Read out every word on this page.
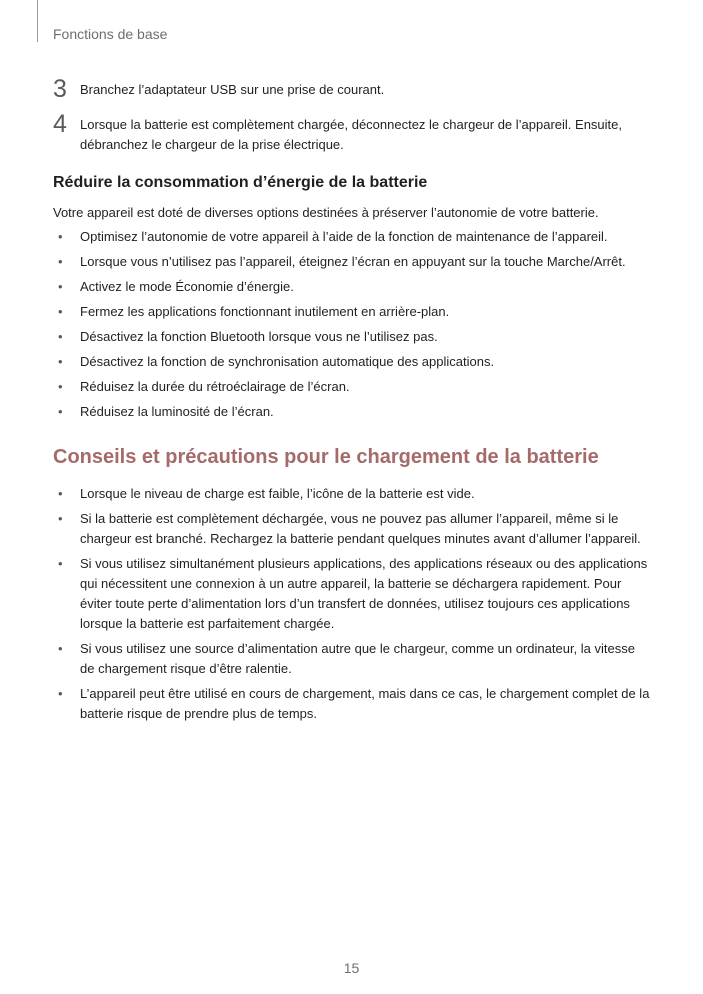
Fonctions de base
3 Branchez l’adaptateur USB sur une prise de courant.
4 Lorsque la batterie est complètement chargée, déconnectez le chargeur de l’appareil. Ensuite, débranchez le chargeur de la prise électrique.
Réduire la consommation d’énergie de la batterie

Votre appareil est doté de diverses options destinées à préserver l’autonomie de votre batterie.

• Optimisez l’autonomie de votre appareil à l’aide de la fonction de maintenance de l’appareil.
• Lorsque vous n’utilisez pas l’appareil, éteignez l’écran en appuyant sur la touche Marche/Arrêt.
• Activez le mode Économie d’énergie.
• Fermez les applications fonctionnant inutilement en arrière-plan.
• Désactivez la fonction Bluetooth lorsque vous ne l’utilisez pas.
• Désactivez la fonction de synchronisation automatique des applications.
• Réduisez la durée du rétroéclairage de l’écran.
• Réduisez la luminosité de l’écran.
Conseils et précautions pour le chargement de la batterie
• Lorsque le niveau de charge est faible, l’icône de la batterie est vide.
• Si la batterie est complètement déchargée, vous ne pouvez pas allumer l’appareil, même si le chargeur est branché. Rechargez la batterie pendant quelques minutes avant d’allumer l’appareil.
• Si vous utilisez simultanément plusieurs applications, des applications réseaux ou des applications qui nécessitent une connexion à un autre appareil, la batterie se déchargera rapidement. Pour éviter toute perte d’alimentation lors d’un transfert de données, utilisez toujours ces applications lorsque la batterie est parfaitement chargée.
• Si vous utilisez une source d’alimentation autre que le chargeur, comme un ordinateur, la vitesse de chargement risque d’être ralentie.
• L’appareil peut être utilisé en cours de chargement, mais dans ce cas, le chargement complet de la batterie risque de prendre plus de temps.
15
